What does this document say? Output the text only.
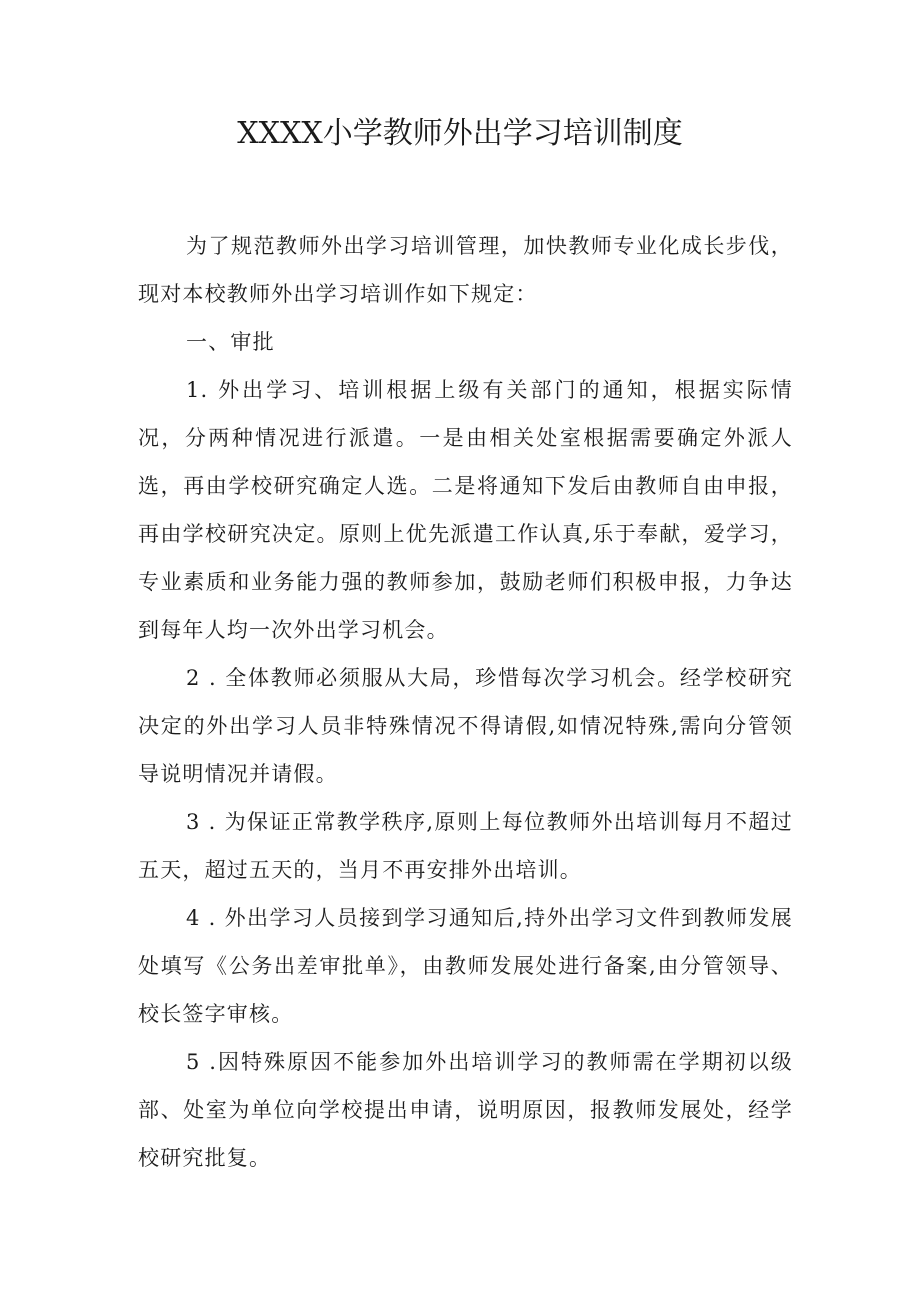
XXXX小学教师外出学习培训制度

为了规范教师外出学习培训管理，加快教师专业化成长步伐，现对本校教师外出学习培训作如下规定：

一、审批

1. 外出学习、培训根据上级有关部门的通知，根据实际情况，分两种情况进行派遣。一是由相关处室根据需要确定外派人选，再由学校研究确定人选。二是将通知下发后由教师自由申报，再由学校研究决定。原则上优先派遣工作认真,乐于奉献，爱学习，专业素质和业务能力强的教师参加，鼓励老师们积极申报，力争达到每年人均一次外出学习机会。

2 . 全体教师必须服从大局，珍惜每次学习机会。经学校研究决定的外出学习人员非特殊情况不得请假,如情况特殊,需向分管领导说明情况并请假。

3 . 为保证正常教学秩序,原则上每位教师外出培训每月不超过五天，超过五天的，当月不再安排外出培训。

4 . 外出学习人员接到学习通知后,持外出学习文件到教师发展处填写《公务出差审批单》，由教师发展处进行备案,由分管领导、校长签字审核。

5 .因特殊原因不能参加外出培训学习的教师需在学期初以级部、处室为单位向学校提出申请，说明原因，报教师发展处，经学校研究批复。
